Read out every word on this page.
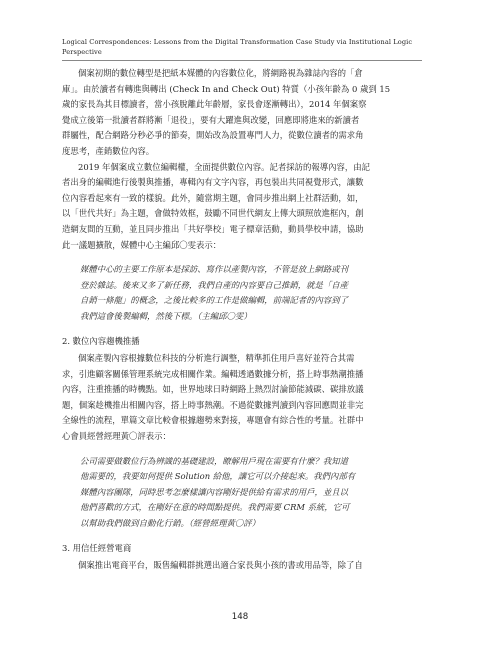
Logical Correspondences: Lessons from the Digital Transformation Case Study via Institutional Logic Perspective
個案初期的數位轉型是把紙本媒體的內容數位化，將網路視為雜誌內容的「倉
庫」。由於讀者有轉進與轉出 (Check In and Check Out) 特質（小孩年齡為 0 歲到 15
歲的家長為其目標讀者，當小孩脫離此年齡層，家長會逐漸轉出），2014 年個案察
覺成立後第一批讀者群將漸「退役」，要有大躍進與改變，回應即將進來的新讀者
群屬性，配合網路分秒必爭的節奏，開始改為設置專門人力，從數位讀者的需求角
度思考，產銷數位內容。
2019 年個案成立數位編輯權，全面提供數位內容。記者採訪的報導內容，由記
者出身的編輯進行後製與推播，專輯內有文字內容，再包裝出共同視覺形式，讓數
位內容看起來有一致的樣貌。此外，隨當期主題，會同步推出網上社群活動，如，
以「世代共好」為主題，會做特效框，鼓勵不同世代網友上傳大頭照放進框內，創
造網友間的互動，並且同步推出「共好學校」電子標章活動，動員學校申請，協助
此一議題擴散，媒體中心主編邱〇雯表示：
媒體中心的主要工作原本是採訪、寫作以產製內容，不管是放上網路或刊
登於雜誌。後來又多了新任務，我們自產的內容要自己推銷，就是「自產
自銷一條龍」的概念，之後比較多的工作是做編輯，前端記者的內容到了
我們這會後製編輯，然後下標。（主編邱〇雯）
2. 數位內容趨機推播
個案產製內容根據數位科技的分析進行調整，精準抓住用戶喜好並符合其需
求，引進顧客關係管理系統完成相關作業。編輯透過數據分析，搭上時事熱潮推播
內容，注重推播的時機點。如，世界地球日時網路上熱烈討論節能減碳、碳排放議
題，個案趁機推出相關內容，搭上時事熱潮。不過從數據判讀到內容回應間並非完
全線性的流程，單篇文章比較會根據趨勢來對接，專題會有綜合性的考量。社群中
心會員經營經理黃〇評表示：
公司需要做數位行為辨識的基礎建設，瞭解用戶現在需要有什麼？我知道
他需要的，我要如何提供 Solution 給他，讓它可以介接起來。我們內部有
媒體內容團隊，同時思考怎麼樣讓內容剛好提供給有需求的用戶，並且以
他們喜歡的方式，在剛好在意的時間點提供。我們需要 CRM 系統，它可
以幫助我們做到自動化行銷。（經營經理黃〇評）
3. 用信任經營電商
個案推出電商平台，販售編輯群挑選出適合家長與小孩的書或用品等，除了自
148
